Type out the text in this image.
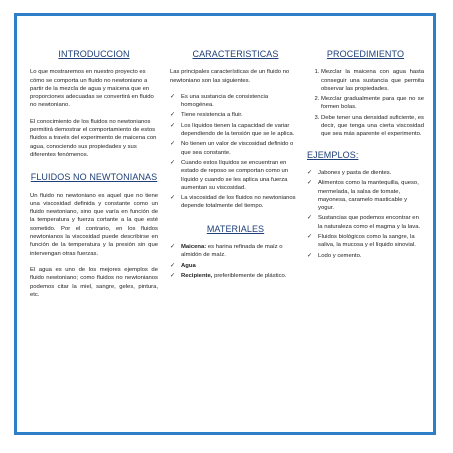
INTRODUCCION

Lo que mostraremos en nuestro proyecto es cómo se comporta un fluido no newtoniano a partir de la mezcla de agua y maicena que en proporciones adecuadas se convertirá en fluido no newtoniano.

El conocimiento de los fluidos no newtonianos permitirá demostrar el comportamiento de estos fluidos a través del experimento de maicena con agua, conociendo sus propiedades y sus diferentes fenómenos.

FLUIDOS NO NEWTONIANAS

Un fluido no newtoniano es aquel que no tiene una viscosidad definida y constante como un fluido newtoniano, sino que varía en función de la temperatura y fuerza cortante a la que esté sometido. Por el contrario, en los fluidos newtonianos la viscosidad puede describirse en función de la temperatura y la presión sin que intervengan otras fuerzas.

El agua es uno de los mejores ejemplos de fluido newtoniano; como fluidos no newtonianos podemos citar la miel, sangre, geles, pintura, etc.

CARACTERISTICAS

Las principales características de un fluido no newtoniano son las siguientes.

✓ Es una sustancia de consistencia homogénea.
✓ Tiene resistencia a fluir.
✓ Los líquidos tienen la capacidad de variar dependiendo de la tensión que se le aplica.
✓ No tienen un valor de viscosidad definido o que sea constante.
✓ Cuando estos líquidos se encuentran en estado de reposo se comportan como un líquido y cuando se les aplica una fuerza aumentan su viscosidad.
✓ La viscosidad de los fluidos no newtonianos depende totalmente del tiempo.
MATERIALES
✓ Maicena: es harina refinada de maíz o almidón de maíz.
✓ Agua
✓ Recipiente, preferiblemente de plástico.
PROCEDIMIENTO
1. Mezclar la maicena con agua hasta conseguir una sustancia que permita observar las propiedades.
2. Mezclar gradualmente para que no se formen bolas.
3. Debe tener una densidad suficiente, es decir, que tenga una cierta viscosidad que sea más aparente el experimento.
EJEMPLOS:
✓ Jabones y pasta de dientes.
✓ Alimentos como la mantequilla, queso, mermelada, la salsa de tomate, mayonesa, caramelo masticable y yogur.
✓ Sustancias que podemos encontrar en la naturaleza como el magma y la lava.
✓ Fluidos biológicos como la sangre, la saliva, la mucosa y el líquido sinovial.
✓ Lodo y cemento.
